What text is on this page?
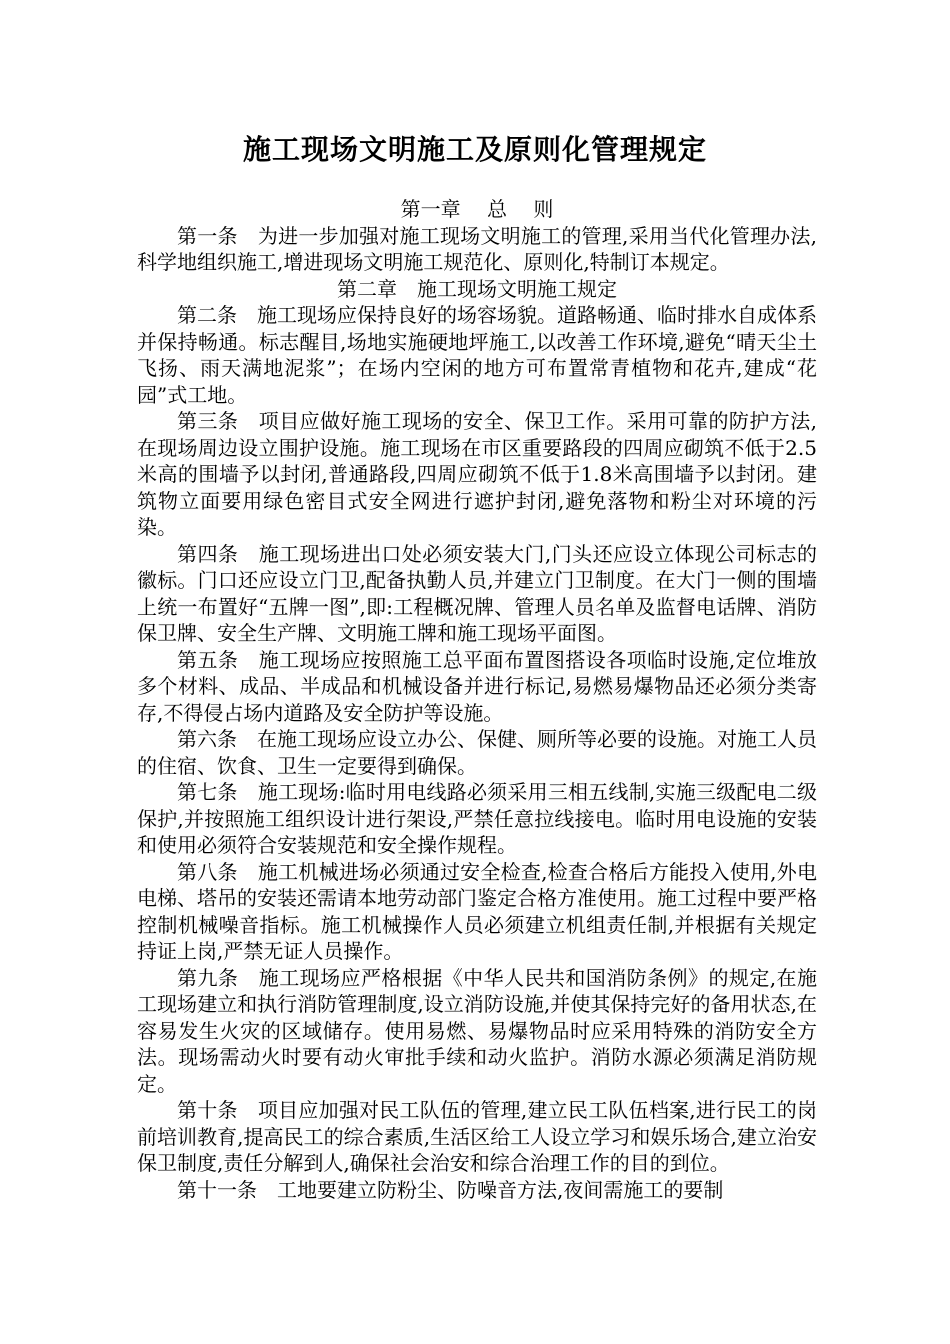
施工现场文明施工及原则化管理规定

第一章　 总　 则

第一条　为进一步加强对施工现场文明施工的管理,采用当代化管理办法,科学地组织施工,增进现场文明施工规范化、原则化,特制订本规定。

第二章　施工现场文明施工规定

第二条　施工现场应保持良好的场容场貌。道路畅通、临时排水自成体系并保持畅通。标志醒目,场地实施硬地坪施工,以改善工作环境,避免“晴天尘土飞扬、雨天满地泥浆”；在场内空闲的地方可布置常青植物和花卉,建成“花园”式工地。

第三条　项目应做好施工现场的安全、保卫工作。采用可靠的防护方法,在现场周边设立围护设施。施工现场在市区重要路段的四周应砌筑不低于2.5米高的围墙予以封闭,普通路段,四周应砌筑不低于1.8米高围墙予以封闭。建筑物立面要用绿色密目式安全网进行遮护封闭,避免落物和粉尘对环境的污染。

第四条　施工现场进出口处必须安装大门,门头还应设立体现公司标志的徽标。门口还应设立门卫,配备执勤人员,并建立门卫制度。在大门一侧的围墙上统一布置好“五牌一图”,即:工程概况牌、管理人员名单及监督电话牌、消防保卫牌、安全生产牌、文明施工牌和施工现场平面图。

第五条　施工现场应按照施工总平面布置图搭设各项临时设施,定位堆放多个材料、成品、半成品和机械设备并进行标记,易燃易爆物品还必须分类寄存,不得侵占场内道路及安全防护等设施。

第六条　在施工现场应设立办公、保健、厕所等必要的设施。对施工人员的住宿、饮食、卫生一定要得到确保。

第七条　施工现场:临时用电线路必须采用三相五线制,实施三级配电二级保护,并按照施工组织设计进行架设,严禁任意拉线接电。临时用电设施的安装和使用必须符合安装规范和安全操作规程。

第八条　施工机械进场必须通过安全检查,检查合格后方能投入使用,外电电梯、塔吊的安装还需请本地劳动部门鉴定合格方准使用。施工过程中要严格控制机械噪音指标。施工机械操作人员必须建立机组责任制,并根据有关规定持证上岗,严禁无证人员操作。

第九条　施工现场应严格根据《中华人民共和国消防条例》的规定,在施工现场建立和执行消防管理制度,设立消防设施,并使其保持完好的备用状态,在容易发生火灾的区域储存。使用易燃、易爆物品时应采用特殊的消防安全方法。现场需动火时要有动火审批手续和动火监护。消防水源必须满足消防规定。

第十条　项目应加强对民工队伍的管理,建立民工队伍档案,进行民工的岗前培训教育,提高民工的综合素质,生活区给工人设立学习和娱乐场合,建立治安保卫制度,责任分解到人,确保社会治安和综合治理工作的目的到位。

第十一条　工地要建立防粉尘、防噪音方法,夜间需施工的要制
